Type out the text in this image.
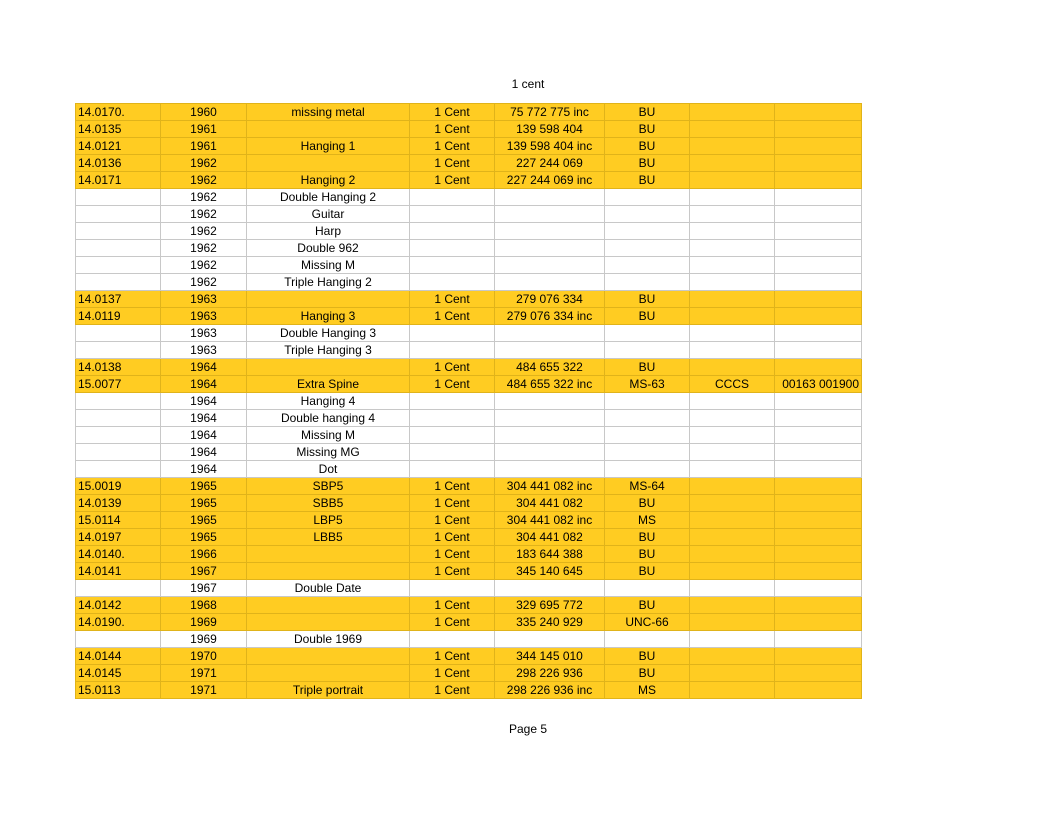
1 cent
14.0170.	1960	missing metal	1 Cent	75 772 775 inc	BU		
14.0135	1961		1 Cent	139 598 404	BU		
14.0121	1961	Hanging 1	1 Cent	139 598 404 inc	BU		
14.0136	1962		1 Cent	227 244 069	BU		
14.0171	1962	Hanging 2	1 Cent	227 244 069 inc	BU		
	1962	Double Hanging 2					
	1962	Guitar					
	1962	Harp					
	1962	Double 962					
	1962	Missing M					
	1962	Triple Hanging 2					
14.0137	1963		1 Cent	279 076 334	BU		
14.0119	1963	Hanging 3	1 Cent	279 076 334 inc	BU		
	1963	Double Hanging 3					
	1963	Triple Hanging 3					
14.0138	1964		1 Cent	484 655 322	BU		
15.0077	1964	Extra Spine	1 Cent	484 655 322 inc	MS-63	CCCS	00163 001900
	1964	Hanging 4					
	1964	Double hanging 4					
	1964	Missing M					
	1964	Missing MG					
	1964	Dot					
15.0019	1965	SBP5	1 Cent	304 441 082 inc	MS-64		
14.0139	1965	SBB5	1 Cent	304 441 082	BU		
15.0114	1965	LBP5	1 Cent	304 441 082 inc	MS		
14.0197	1965	LBB5	1 Cent	304 441 082	BU		
14.0140.	1966		1 Cent	183 644 388	BU		
14.0141	1967		1 Cent	345 140 645	BU		
	1967	Double Date					
14.0142	1968		1 Cent	329 695 772	BU		
14.0190.	1969		1 Cent	335 240 929	UNC-66		
	1969	Double 1969					
14.0144	1970		1 Cent	344 145 010	BU		
14.0145	1971		1 Cent	298 226 936	BU		
15.0113	1971	Triple portrait	1 Cent	298 226 936 inc	MS		
Page 5
